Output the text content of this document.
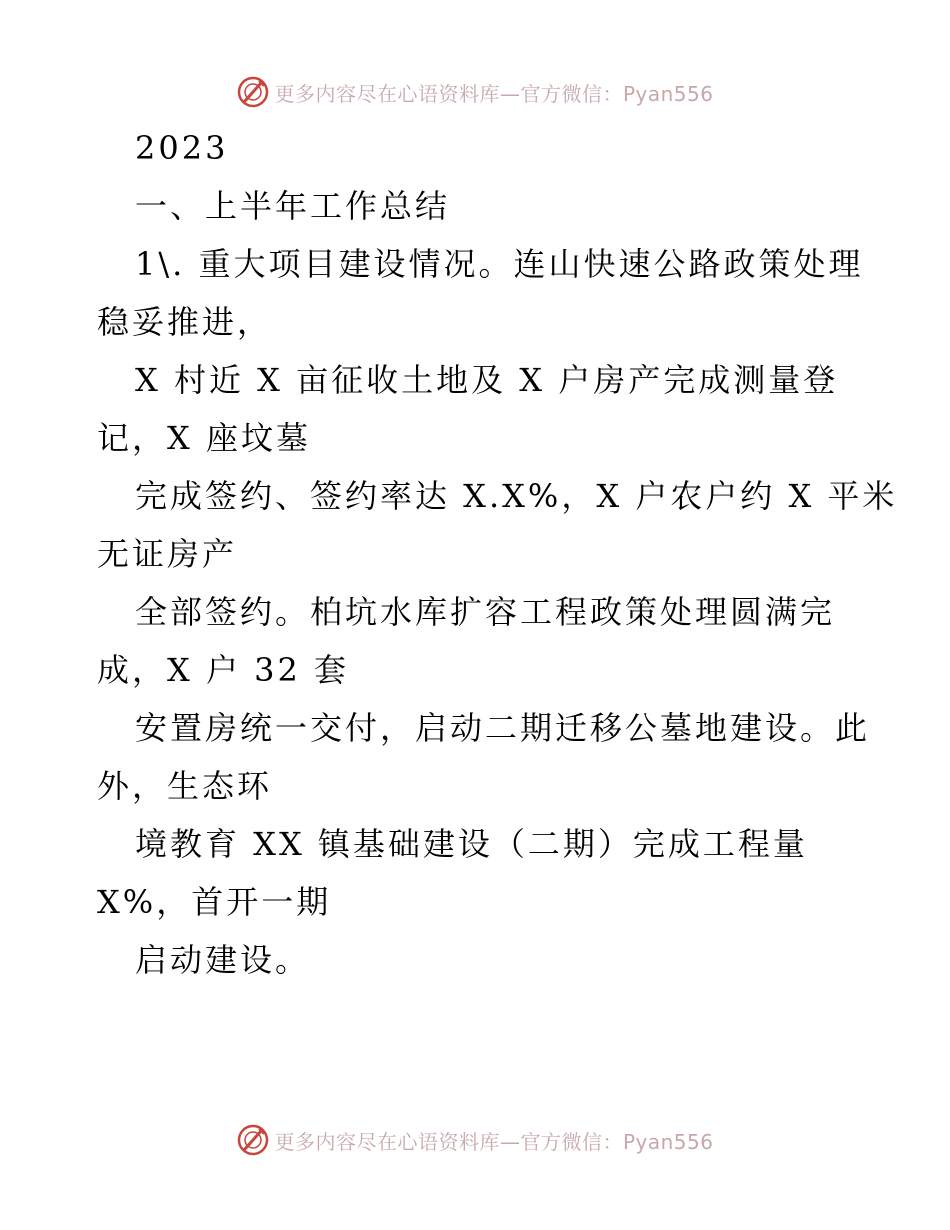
更多内容尽在心语资料库—官方微信：Pyan556
2023
一、上半年工作总结
1\. 重大项目建设情况。连山快速公路政策处理
稳妥推进，
X 村近 X 亩征收土地及 X 户房产完成测量登
记，X 座坟墓
完成签约、签约率达 X.X%，X 户农户约 X 平米
无证房产
全部签约。柏坑水库扩容工程政策处理圆满完
成，X 户 32 套
安置房统一交付，启动二期迁移公墓地建设。此
外，生态环
境教育 XX 镇基础建设（二期）完成工程量
X%，首开一期
启动建设。
更多内容尽在心语资料库—官方微信：Pyan556
